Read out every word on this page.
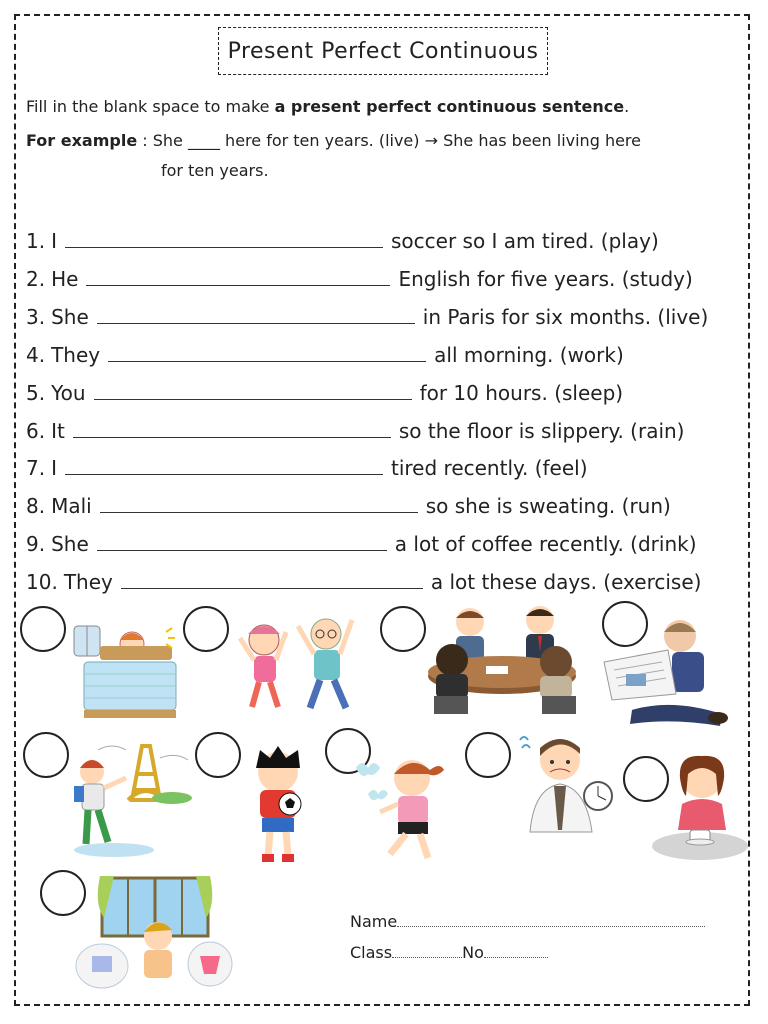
Present Perfect Continuous
Fill in the blank space to make a present perfect continuous sentence.
For example : She ____ here for ten years. (live) → She has been living here
for ten years.
1. I	soccer so I am tired. (play)
2. He	English for five years. (study)
3. She	in Paris for six months. (live)
4. They	all morning. (work)
5. You	for 10 hours. (sleep)
6. It	so the floor is slippery. (rain)
7. I	tired recently. (feel)
8. Mali	so she is sweating. (run)
9. She	a lot of coffee recently. (drink)
10. They	a lot these days. (exercise)
Name
Class	No
